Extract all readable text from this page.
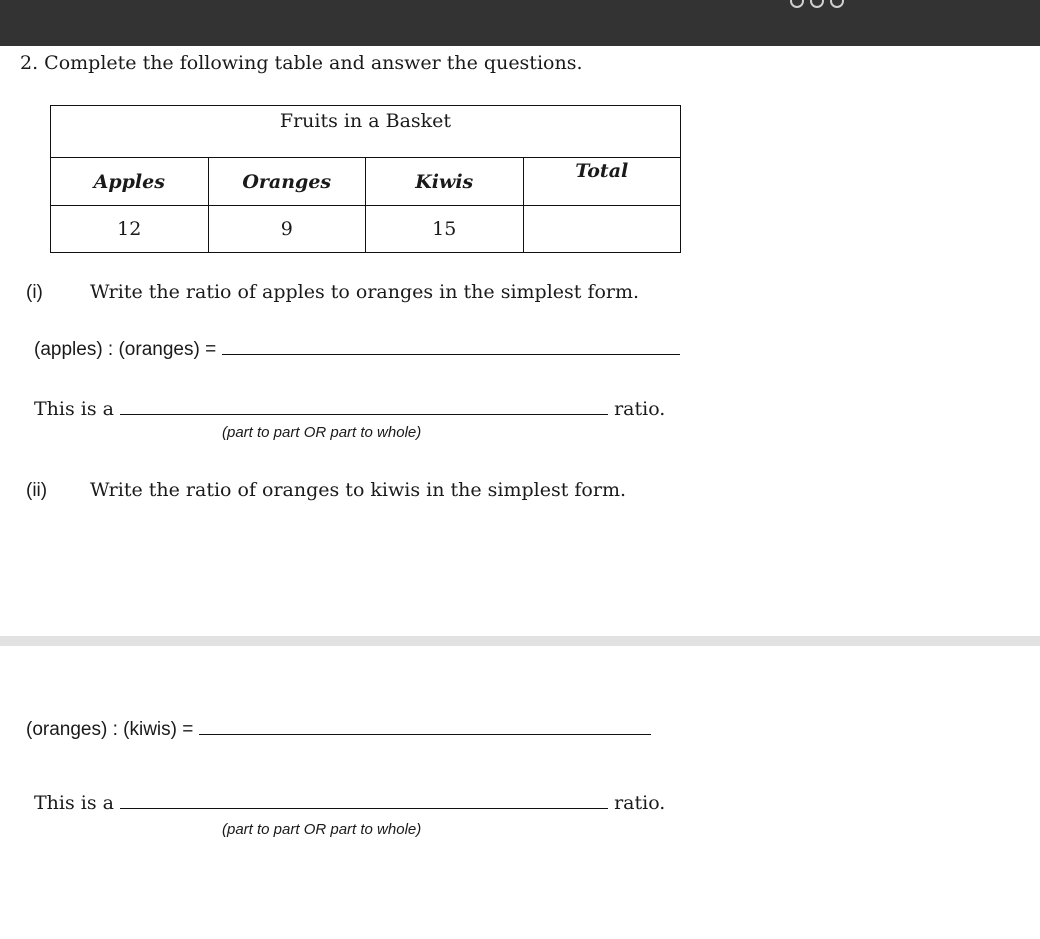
2. Complete the following table and answer the questions.
Fruits in a Basket			
Apples	Oranges	Kiwis	Total
12	9	15	
(i) Write the ratio of apples to oranges in the simplest form.
(apples) : (oranges) =
This is a	ratio.
(part to part OR part to whole)
(ii) Write the ratio of oranges to kiwis in the simplest form.
(oranges) : (kiwis) =
This is a	ratio.
(part to part OR part to whole)
